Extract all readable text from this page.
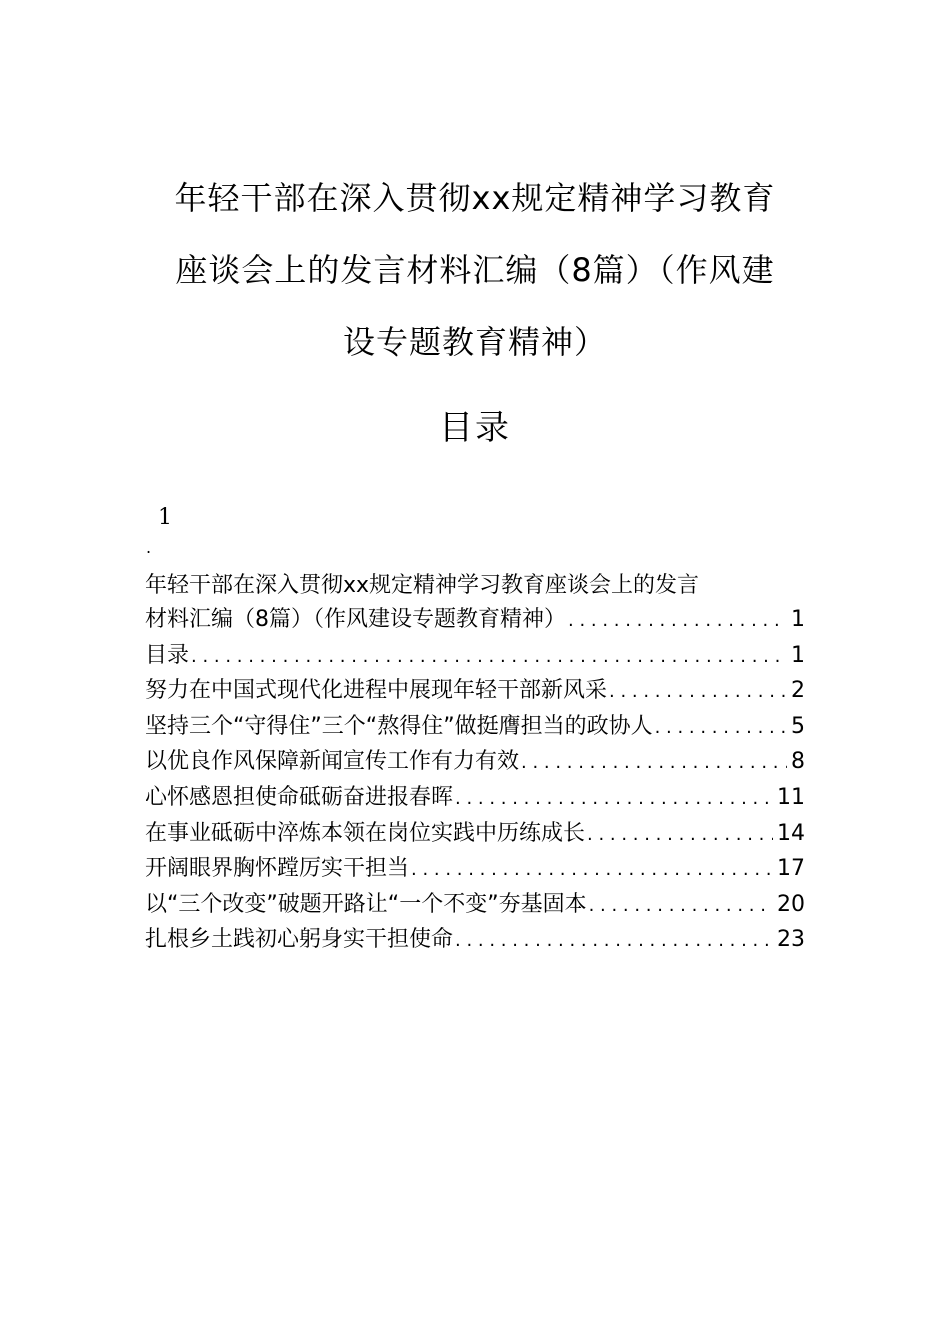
年轻干部在深入贯彻xx规定精神学习教育
座谈会上的发言材料汇编（8篇）（作风建
设专题教育精神）
目录
1
.
年轻干部在深入贯彻xx规定精神学习教育座谈会上的发言
材料汇编（8篇）（作风建设专题教育精神） . . .	1
目录 . . .	1
努力在中国式现代化进程中展现年轻干部新风采 . . .	2
坚持三个“守得住”三个“熬得住”做挺膺担当的政协人 . . .	5
以优良作风保障新闻宣传工作有力有效 . . .	8
心怀感恩担使命砥砺奋进报春晖 . . .	11
在事业砥砺中淬炼本领在岗位实践中历练成长 . . .	14
开阔眼界胸怀蹚厉实干担当 . . .	17
以“三个改变”破题开路让“一个不变”夯基固本 . . .	20
扎根乡土践初心躬身实干担使命 . . .	23
